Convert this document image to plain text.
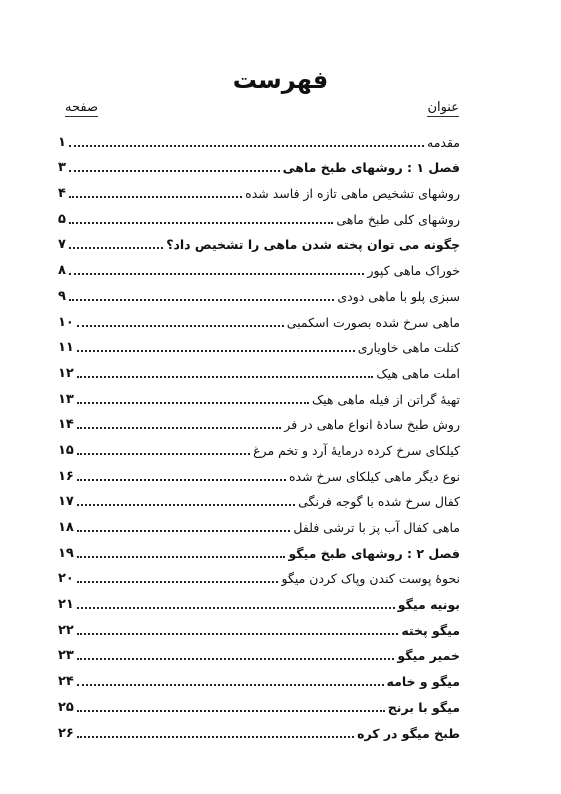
فهرست
عنوان
صفحه
مقدمه
۱
فصل ۱ : روشهای طبخ ماهی
۳
روشهای تشخیص ماهی تازه از فاسد شده
۴
روشهای کلی طبخ ماهی
۵
چگونه می توان پخته شدن ماهی را تشخیص داد؟
۷
خوراک ماهی کپور
۸
سبزی پلو با ماهی دودی
۹
ماهی سرخ شده بصورت اسکمبی
۱۰
کتلت ماهی خاویاری
۱۱
املت ماهی هیک
۱۲
تهیهٔ گراتن از فیله ماهی هیک
۱۳
روش طبخ سادهٔ انواع ماهی در فر
۱۴
کیلکای سرخ کرده درمایهٔ آرد و تخم مرغ
۱۵
نوع دیگر ماهی کیلکای سرخ شده
۱۶
کفال سرخ شده با گوجه فرنگی
۱۷
ماهی کفال آب پز با ترشی فلفل
۱۸
فصل ۲ : روشهای طبخ میگو
۱۹
نحوهٔ پوست کندن وپاک کردن میگو
۲۰
بونیه میگو
۲۱
میگو پخته
۲۲
خمیر میگو
۲۳
میگو و خامه
۲۴
میگو با برنج
۲۵
طبخ میگو در کره
۲۶
